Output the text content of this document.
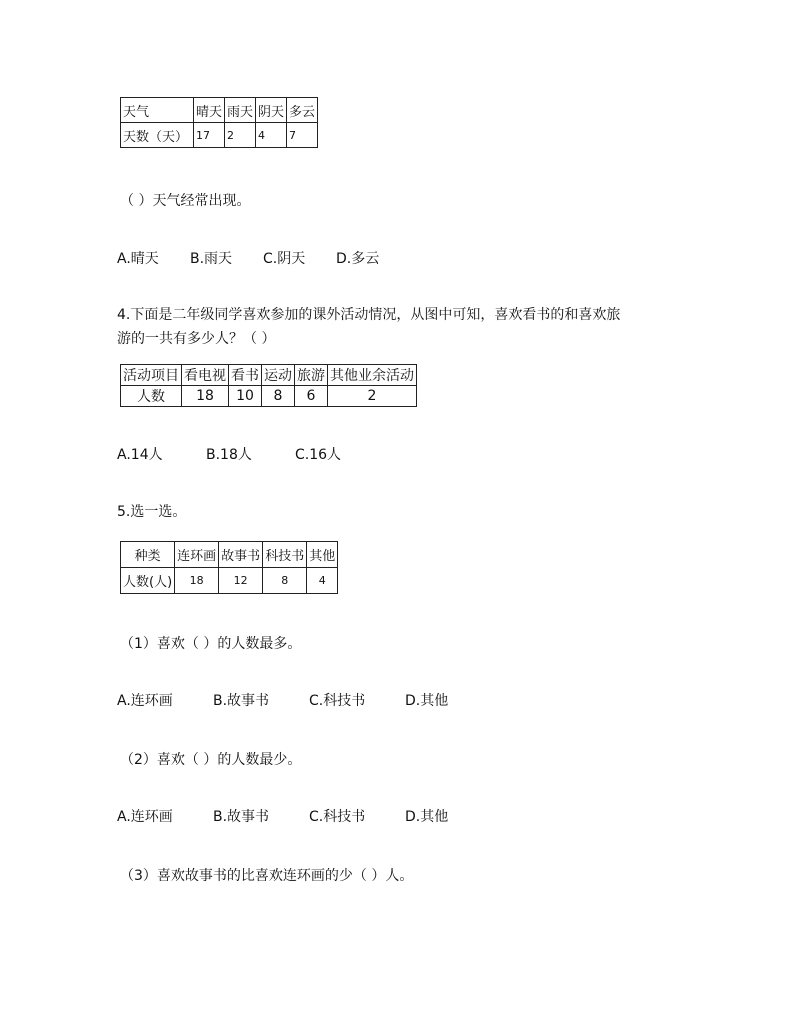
天气	晴天	雨天	阴天	多云
天数（天）	17	2	4	7
（ ）天气经常出现。
A.晴天 B.雨天 C.阴天 D.多云
4.下面是二年级同学喜欢参加的课外活动情况，从图中可知，喜欢看书的和喜欢旅
游的一共有多少人？（ ）
活动项目	看电视	看书	运动	旅游	其他业余活动
人数	18	10	8	6	2
A.14人	B.18人	C.16人
5.选一选。
种类	连环画	故事书	科技书	其他
人数(人)	18	12	8	4
（1）喜欢（ ）的人数最多。
A.连环画	B.故事书	C.科技书	D.其他
（2）喜欢（ ）的人数最少。
A.连环画	B.故事书	C.科技书	D.其他
（3）喜欢故事书的比喜欢连环画的少（ ）人。
